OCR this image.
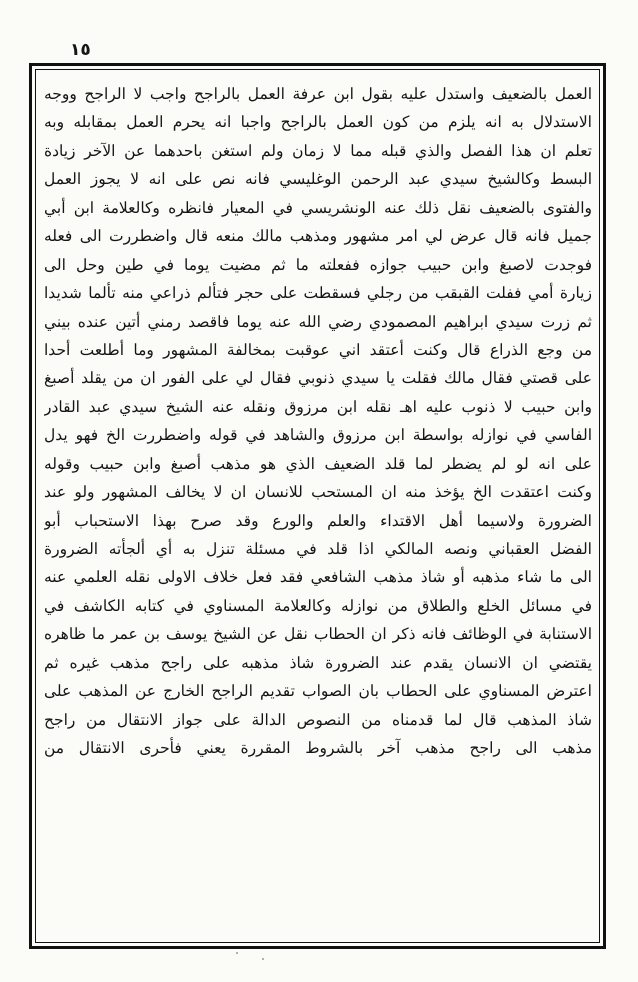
١٥
العمل بالضعيف واستدل عليه بقول ابن عرفة العمل بالراجح واجب لا الراجح ووجه
الاستدلال به انه يلزم من كون العمل بالراجح واجبا انه يحرم العمل بمقابله وبه
تعلم ان هذا الفصل والذي قبله مما لا زمان ولم استغن باحدهما عن الآخر زيادة
البسط وكالشيخ سيدي عبد الرحمن الوغليسي فانه نص على انه لا يجوز العمل
والفتوى بالضعيف نقل ذلك عنه الونشريسي في المعيار فانظره وكالعلامة ابن أبي
جميل فانه قال عرض لي امر مشهور ومذهب مالك منعه قال واضطررت الى فعله
فوجدت لاصبغ وابن حبيب جوازه ففعلته ما ثم مضيت يوما في طين وحل الى
زيارة أمي ففلت القبقب من رجلي فسقطت على حجر فتألم ذراعي منه تألما شديدا
ثم زرت سيدي ابراهيم المصمودي رضي الله عنه يوما فاقصد رمني أتين عنده بيني
من وجع الذراع قال وكنت أعتقد اني عوقبت بمخالفة المشهور وما أطلعت أحدا
على قصتي فقال مالك فقلت يا سيدي ذنوبي فقال لي على الفور ان من يقلد أصبغ
وابن حبيب لا ذنوب عليه اهـ نقله ابن مرزوق ونقله عنه الشيخ سيدي عبد القادر
الفاسي في نوازله بواسطة ابن مرزوق والشاهد في قوله واضطررت الخ فهو يدل
على انه لو لم يضطر لما قلد الضعيف الذي هو مذهب أصبغ وابن حبيب وقوله
وكنت اعتقدت الخ يؤخذ منه ان المستحب للانسان ان لا يخالف المشهور ولو عند
الضرورة ولاسيما أهل الاقتداء والعلم والورع وقد صرح بهذا الاستحباب أبو
الفضل العقباني ونصه المالكي اذا قلد في مسئلة تنزل به أي ألجأته الضرورة
الى ما شاء مذهبه أو شاذ مذهب الشافعي فقد فعل خلاف الاولى نقله العلمي عنه
في مسائل الخلع والطلاق من نوازله وكالعلامة المسناوي في كتابه الكاشف في
الاستنابة في الوظائف فانه ذكر ان الحطاب نقل عن الشيخ يوسف بن عمر ما ظاهره
يقتضي ان الانسان يقدم عند الضرورة شاذ مذهبه على راجح مذهب غيره ثم
اعترض المسناوي على الحطاب بان الصواب تقديم الراجح الخارج عن المذهب على
شاذ المذهب قال لما قدمناه من النصوص الدالة على جواز الانتقال من راجح
مذهب الى راجح مذهب آخر بالشروط المقررة يعني فأحرى الانتقال من
